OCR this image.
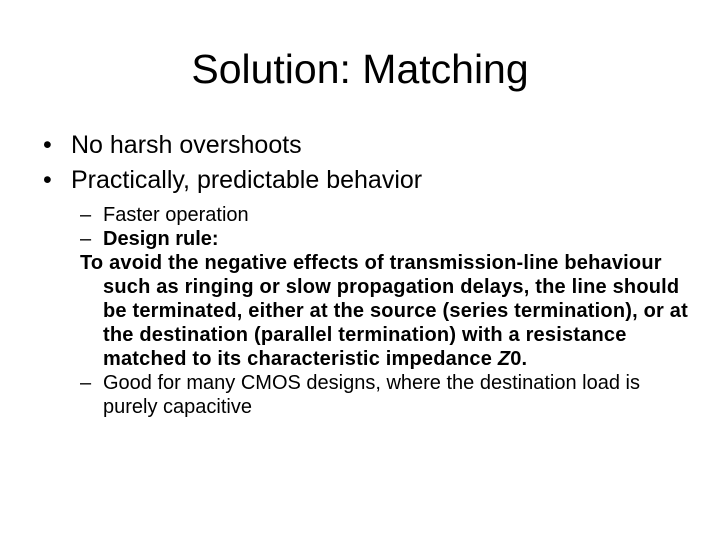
Solution: Matching
• No harsh overshoots
• Practically, predictable behavior
– Faster operation
– Design rule:

To avoid the negative effects of transmission-line behaviour such as ringing or slow propagation delays, the line should be terminated, either at the source (series termination), or at the destination (parallel termination) with a resistance matched to its characteristic impedance Z0.

– Good for many CMOS designs, where the destination load is purely capacitive
